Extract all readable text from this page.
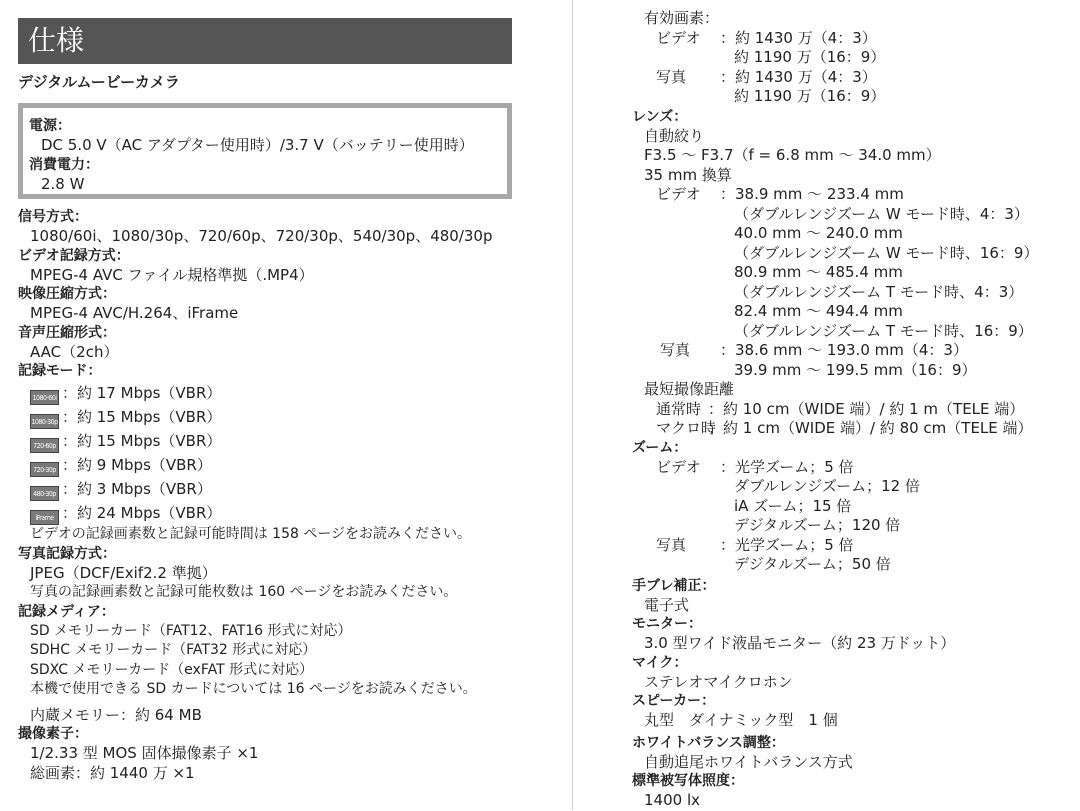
仕様
デジタルムービーカメラ
電源：
DC 5.0 V（AC アダプター使用時）/3.7 V（バッテリー使用時）
消費電力：
2.8 W
信号方式：
1080/60i、1080/30p、720/60p、720/30p、540/30p、480/30p
ビデオ記録方式：
MPEG-4 AVC ファイル規格準拠（.MP4）
映像圧縮方式：
MPEG-4 AVC/H.264、iFrame
音声圧縮形式：
AAC（2ch）
記録モード：
1080-60i ：約 17 Mbps（VBR）
1080-30p ：約 15 Mbps（VBR）
720-60p ：約 15 Mbps（VBR）
720-30p ：約 9 Mbps（VBR）
480-30p ：約 3 Mbps（VBR）
iFrame ：約 24 Mbps（VBR）
ビデオの記録画素数と記録可能時間は 158 ページをお読みください。
写真記録方式：
JPEG（DCF/Exif2.2 準拠）
写真の記録画素数と記録可能枚数は 160 ページをお読みください。
記録メディア：
SD メモリーカード（FAT12、FAT16 形式に対応）
SDHC メモリーカード（FAT32 形式に対応）
SDXC メモリーカード（exFAT 形式に対応）
本機で使用できる SD カードについては 16 ページをお読みください。
内蔵メモリー：約 64 MB
撮像素子：
1/2.33 型 MOS 固体撮像素子 ×1
総画素：約 1440 万 ×1
有効画素：
ビデオ	：約 1430 万（4：3）
約 1190 万（16：9）
写真	：約 1430 万（4：3）
約 1190 万（16：9）
レンズ：
自動絞り
F3.5 ～ F3.7（f = 6.8 mm ～ 34.0 mm）
35 mm 換算
ビデオ	：38.9 mm ～ 233.4 mm
（ダブルレンジズーム W モード時、4：3）
40.0 mm ～ 240.0 mm
（ダブルレンジズーム W モード時、16：9）
80.9 mm ～ 485.4 mm
（ダブルレンジズーム T モード時、4：3）
82.4 mm ～ 494.4 mm
（ダブルレンジズーム T モード時、16：9）
写真	：38.6 mm ～ 193.0 mm（4：3）
39.9 mm ～ 199.5 mm（16：9）
最短撮像距離
通常時 ：約 10 cm（WIDE 端）/ 約 1 m（TELE 端）
マクロ時
：約 1 cm（WIDE 端）/ 約 80 cm（TELE 端）
ズーム：
ビデオ	：光学ズーム；5 倍
ダブルレンジズーム；12 倍
iA ズーム；15 倍
デジタルズーム；120 倍
写真	：光学ズーム；5 倍
デジタルズーム；50 倍
手ブレ補正：
電子式
モニター：
3.0 型ワイド液晶モニター（約 23 万ドット）
マイク：
ステレオマイクロホン
スピーカー：
丸型　ダイナミック型　1 個
ホワイトバランス調整：
自動追尾ホワイトバランス方式
標準被写体照度：
1400 lx
